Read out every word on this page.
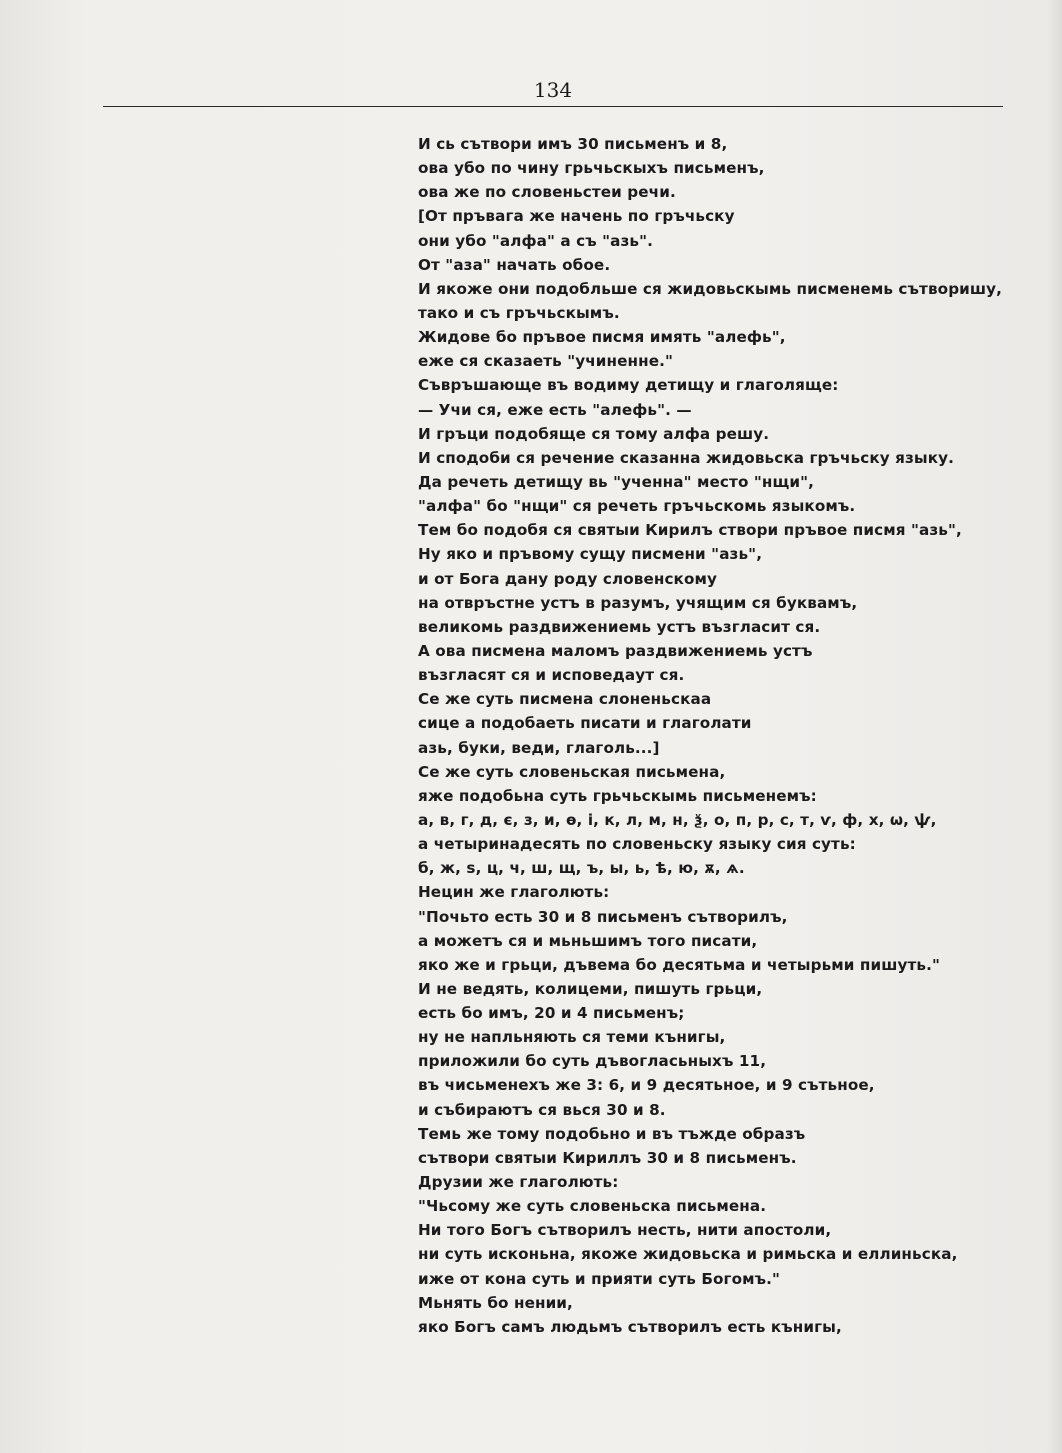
134
И сь сътвори имъ 30 письменъ и 8,
ова убо по чину грьчьскыхъ письменъ,
ова же по словеньстеи речи.
[От пръвага же начень по гръчьску
они убо "алфа" а съ "азь".
От "аза" начать обое.
И якоже они подобльше ся жидовьскымь писменемь сътворишу,
тако и съ гръчьскымъ.
Жидове бо пръвое писмя имять "алефь",
еже ся сказаеть "учиненне."
Съвръшающе въ водиму детищу и глаголяще:
— Учи ся, еже есть "алефь". —
И гръци подобяще ся тому алфа решу.
И сподоби ся речение сказанна жидовьска гръчьску языку.
Да речеть детищу вь "ученна" место "нщи",
"алфа" бо "нщи" ся речеть гръчьскомь языкомъ.
Тем бо подобя ся святыи Кирилъ створи пръвое писмя "азь",
Ну яко и пръвому сущу писмени "азь",
и от Бога дану роду словенскому
на отвръстне устъ в разумъ, учящим ся буквамъ,
великомь раздвижениемь устъ възгласит ся.
А ова писмена маломъ раздвижениемь устъ
възгласят ся и исповедаут ся.
Се же суть писмена слоненьскаа
сице а подобаеть писати и глаголати
азь, буки, веди, глаголь...]
Се же суть словеньская письмена,
яже подобьна суть грьчьскымь письменемъ:
а, в, г, д, є, з, и, ѳ, і, к, л, м, н, ѯ, о, п, р, с, т, ѵ, ф, х, ѡ, ѱ,
а четыринадесять по словеньску языку сия суть:
б, ж, ѕ, ц, ч, ш, щ, ъ, ы, ь, ѣ, ю, ѫ, ѧ.
Нецин же глаголють:
"Почьто есть 30 и 8 письменъ сътворилъ,
а можетъ ся и мьньшимъ того писати,
яко же и грьци, дъвема бо десятьма и четырьми пишуть."
И не ведять, колицеми, пишуть грьци,
есть бо имъ, 20 и 4 письменъ;
ну не напльняють ся теми кънигы,
приложили бо суть дъвогласьныхъ 11,
въ чисьменехъ же 3: 6, и 9 десятьное, и 9 сътьное,
и събираютъ ся вься 30 и 8.
Темь же тому подобьно и въ тъжде образъ
сътвори святыи Кириллъ 30 и 8 письменъ.
Друзии же глаголють:
"Чьсому же суть словеньска письмена.
Ни того Богъ сътворилъ несть, нити апостоли,
ни суть исконьна, якоже жидовьска и римьска и еллиньска,
иже от кона суть и прияти суть Богомъ."
Мьнять бо нении,
яко Богъ самъ людьмъ сътворилъ есть кънигы,
